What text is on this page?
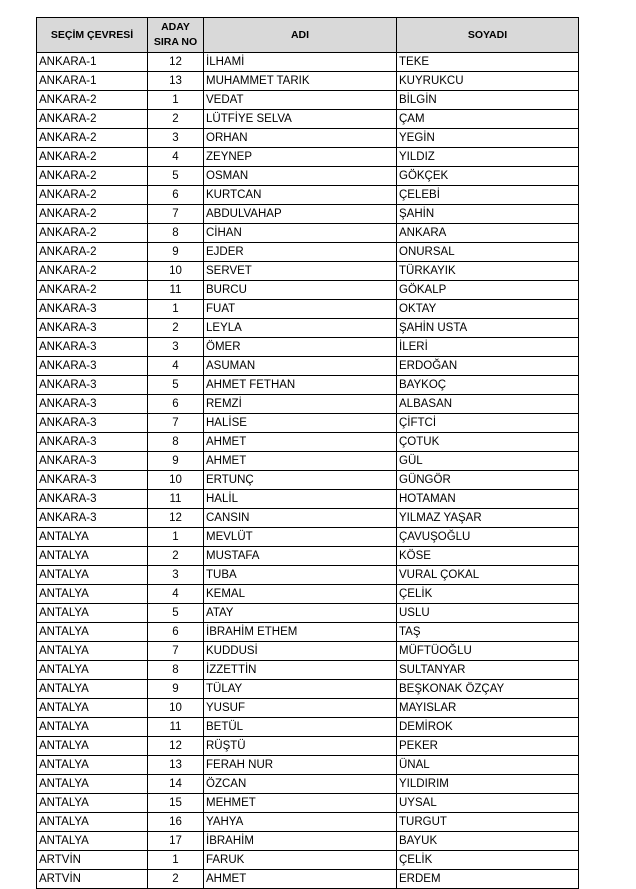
SEÇİM ÇEVRESİ	ADAY
SIRA NO	ADI	SOYADI
ANKARA-1	12	İLHAMİ	TEKE
ANKARA-1	13	MUHAMMET TARIK	KUYRUKCU
ANKARA-2	1	VEDAT	BİLGİN
ANKARA-2	2	LÜTFİYE SELVA	ÇAM
ANKARA-2	3	ORHAN	YEGİN
ANKARA-2	4	ZEYNEP	YILDIZ
ANKARA-2	5	OSMAN	GÖKÇEK
ANKARA-2	6	KURTCAN	ÇELEBİ
ANKARA-2	7	ABDULVAHAP	ŞAHİN
ANKARA-2	8	CİHAN	ANKARA
ANKARA-2	9	EJDER	ONURSAL
ANKARA-2	10	SERVET	TÜRKAYIK
ANKARA-2	11	BURCU	GÖKALP
ANKARA-3	1	FUAT	OKTAY
ANKARA-3	2	LEYLA	ŞAHİN USTA
ANKARA-3	3	ÖMER	İLERİ
ANKARA-3	4	ASUMAN	ERDOĞAN
ANKARA-3	5	AHMET FETHAN	BAYKOÇ
ANKARA-3	6	REMZİ	ALBASAN
ANKARA-3	7	HALİSE	ÇİFTCİ
ANKARA-3	8	AHMET	ÇOTUK
ANKARA-3	9	AHMET	GÜL
ANKARA-3	10	ERTUNÇ	GÜNGÖR
ANKARA-3	11	HALİL	HOTAMAN
ANKARA-3	12	CANSIN	YILMAZ YAŞAR
ANTALYA	1	MEVLÜT	ÇAVUŞOĞLU
ANTALYA	2	MUSTAFA	KÖSE
ANTALYA	3	TUBA	VURAL ÇOKAL
ANTALYA	4	KEMAL	ÇELİK
ANTALYA	5	ATAY	USLU
ANTALYA	6	İBRAHİM ETHEM	TAŞ
ANTALYA	7	KUDDUSİ	MÜFTÜOĞLU
ANTALYA	8	İZZETTİN	SULTANYAR
ANTALYA	9	TÜLAY	BEŞKONAK ÖZÇAY
ANTALYA	10	YUSUF	MAYISLAR
ANTALYA	11	BETÜL	DEMİROK
ANTALYA	12	RÜŞTÜ	PEKER
ANTALYA	13	FERAH NUR	ÜNAL
ANTALYA	14	ÖZCAN	YILDIRIM
ANTALYA	15	MEHMET	UYSAL
ANTALYA	16	YAHYA	TURGUT
ANTALYA	17	İBRAHİM	BAYUK
ARTVİN	1	FARUK	ÇELİK
ARTVİN	2	AHMET	ERDEM
